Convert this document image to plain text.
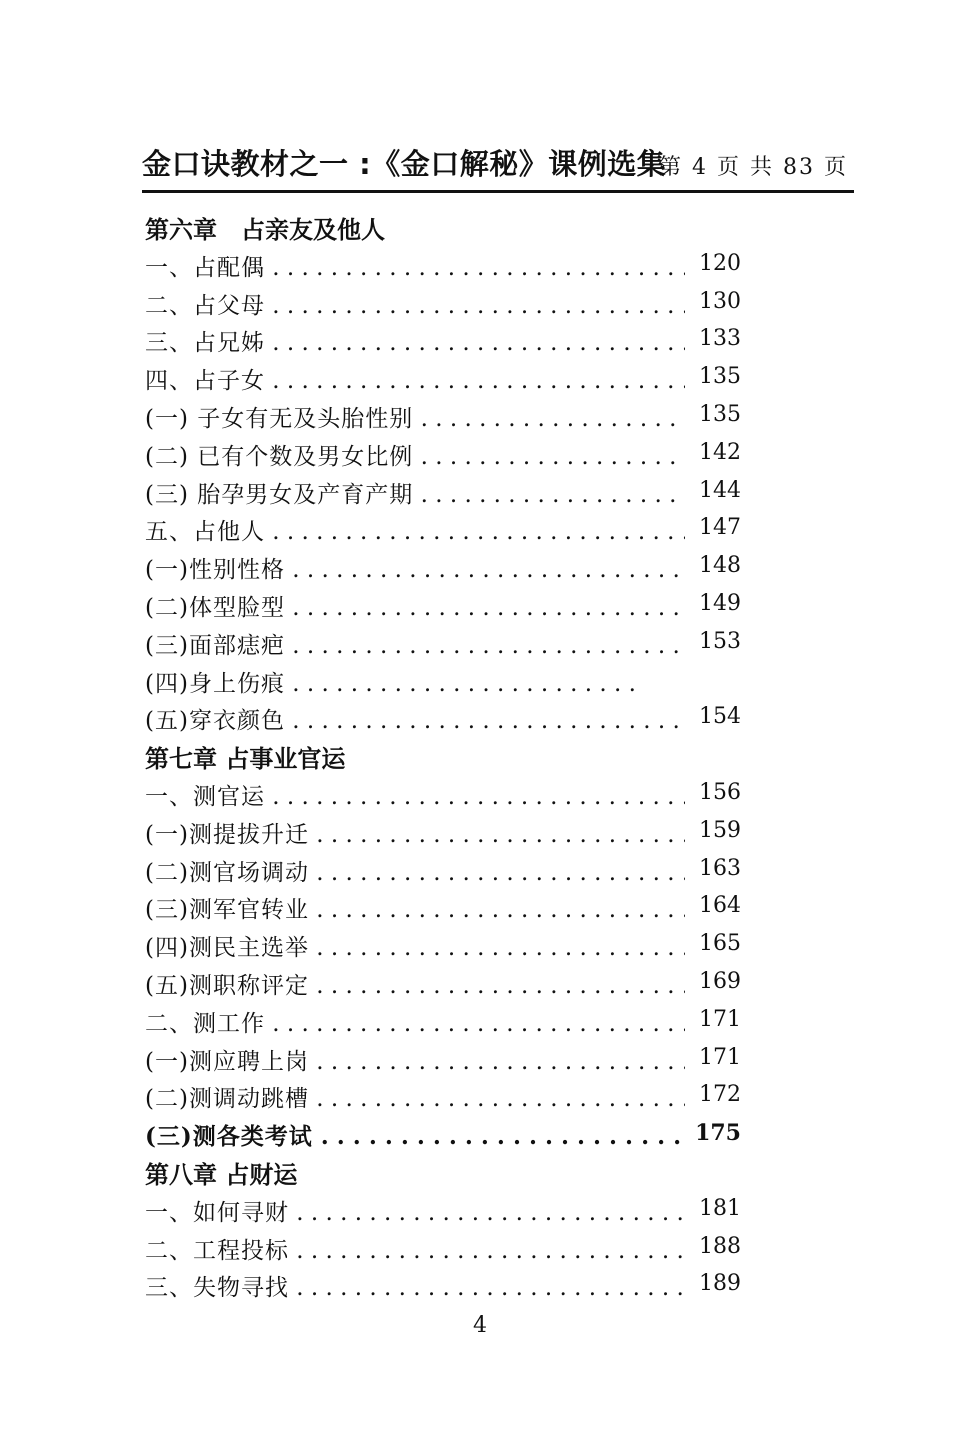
金口诀教材之一 :《金口解秘》课例选集
第 4 页 共 83 页
第六章　占亲友及他人
一、占配偶 . . .	120
二、占父母 . . .	130
三、占兄姊 . . .	133
四、占子女 . . .	135
(一) 子女有无及头胎性别 . . .	135
(二) 已有个数及男女比例 . . .	142
(三) 胎孕男女及产育产期 . . .	144
五、占他人 . . .	147
(一)性别性格 . . .	148
(二)体型脸型 . . .	149
(三)面部痣疤 . . .	153
(四)身上伤痕 . . .
(五)穿衣颜色 . . .	154
第七章 占事业官运
一、测官运 . . .	156
(一)测提拔升迁 . . .	159
(二)测官场调动 . . .	163
(三)测军官转业 . . .	164
(四)测民主选举 . . .	165
(五)测职称评定 . . .	169
二、测工作 . . .	171
(一)测应聘上岗 . . .	171
(二)测调动跳槽 . . .	172
(三)测各类考试 . . .	175
第八章 占财运
一、如何寻财 . . .	181
二、工程投标 . . .	188
三、失物寻找 . . .	189
4
